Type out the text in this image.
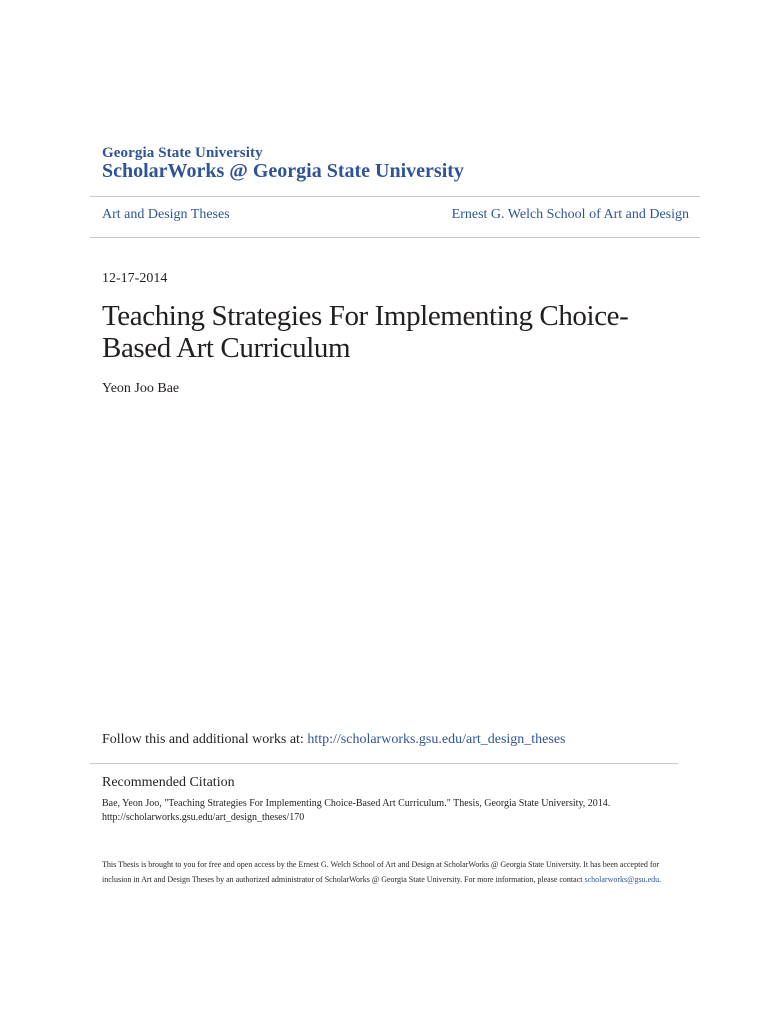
Georgia State University
ScholarWorks @ Georgia State University
Art and Design Theses	Ernest G. Welch School of Art and Design
12-17-2014
Teaching Strategies For Implementing Choice-
Based Art Curriculum
Yeon Joo Bae
Follow this and additional works at: http://scholarworks.gsu.edu/art_design_theses
Recommended Citation
Bae, Yeon Joo, "Teaching Strategies For Implementing Choice-Based Art Curriculum." Thesis, Georgia State University, 2014.
http://scholarworks.gsu.edu/art_design_theses/170
This Thesis is brought to you for free and open access by the Ernest G. Welch School of Art and Design at ScholarWorks @ Georgia State University. It has been accepted for inclusion in Art and Design Theses by an authorized administrator of ScholarWorks @ Georgia State University. For more information, please contact scholarworks@gsu.edu.
